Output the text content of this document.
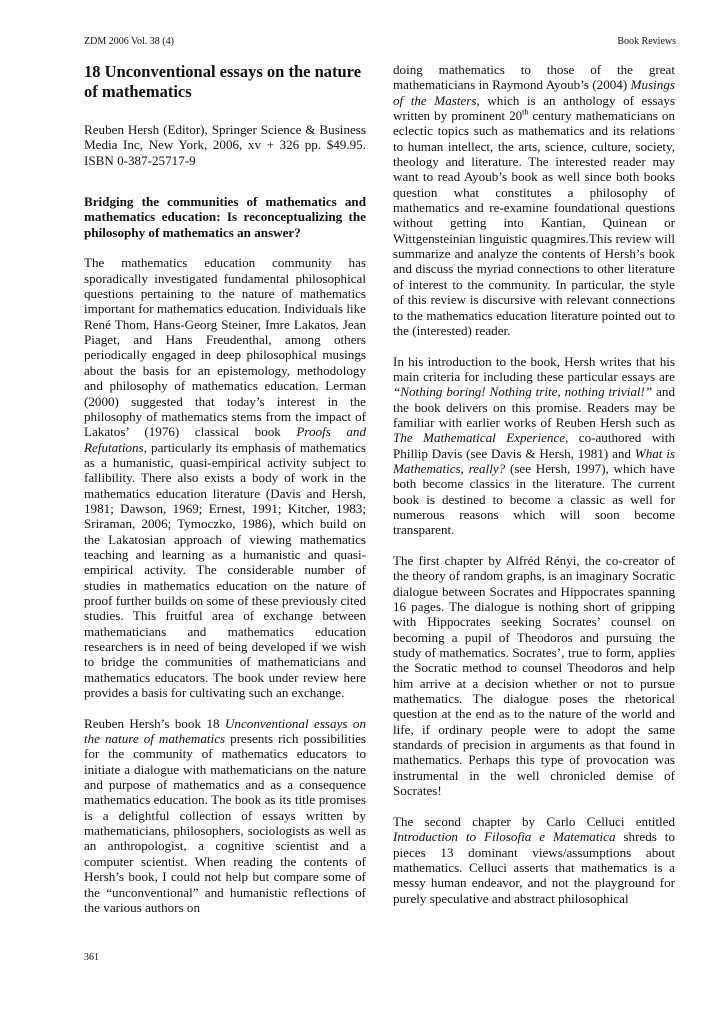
ZDM 2006 Vol. 38 (4)	Book Reviews
18 Unconventional essays on the nature of mathematics

Reuben Hersh (Editor), Springer Science & Business Media Inc, New York, 2006, xv + 326 pp. $49.95. ISBN 0-387-25717-9

Bridging the communities of mathematics and mathematics education: Is reconceptualizing the philosophy of mathematics an answer?

The mathematics education community has sporadically investigated fundamental philosophical questions pertaining to the nature of mathematics important for mathematics education. Individuals like René Thom, Hans-Georg Steiner, Imre Lakatos, Jean Piaget, and Hans Freudenthal, among others periodically engaged in deep philosophical musings about the basis for an epistemology, methodology and philosophy of mathematics education. Lerman (2000) suggested that today’s interest in the philosophy of mathematics stems from the impact of Lakatos’ (1976) classical book Proofs and Refutations, particularly its emphasis of mathematics as a humanistic, quasi-empirical activity subject to fallibility. There also exists a body of work in the mathematics education literature (Davis and Hersh, 1981; Dawson, 1969; Ernest, 1991; Kitcher, 1983; Sriraman, 2006; Tymoczko, 1986), which build on the Lakatosian approach of viewing mathematics teaching and learning as a humanistic and quasi-empirical activity. The considerable number of studies in mathematics education on the nature of proof further builds on some of these previously cited studies. This fruitful area of exchange between mathematicians and mathematics education researchers is in need of being developed if we wish to bridge the communities of mathematicians and mathematics educators. The book under review here provides a basis for cultivating such an exchange.

Reuben Hersh’s book 18 Unconventional essays on the nature of mathematics presents rich possibilities for the community of mathematics educators to initiate a dialogue with mathematicians on the nature and purpose of mathematics and as a consequence mathematics education. The book as its title promises is a delightful collection of essays written by mathematicians, philosophers, sociologists as well as an anthropologist, a cognitive scientist and a computer scientist. When reading the contents of Hersh’s book, I could not help but compare some of the “unconventional” and humanistic reflections of the various authors on

doing mathematics to those of the great mathematicians in Raymond Ayoub’s (2004) Musings of the Masters, which is an anthology of essays written by prominent 20th century mathematicians on eclectic topics such as mathematics and its relations to human intellect, the arts, science, culture, society, theology and literature. The interested reader may want to read Ayoub’s book as well since both books question what constitutes a philosophy of mathematics and re-examine foundational questions without getting into Kantian, Quinean or Wittgensteinian linguistic quagmires.This review will summarize and analyze the contents of Hersh’s book and discuss the myriad connections to other literature of interest to the community. In particular, the style of this review is discursive with relevant connections to the mathematics education literature pointed out to the (interested) reader.

In his introduction to the book, Hersh writes that his main criteria for including these particular essays are “Nothing boring! Nothing trite, nothing trivial!” and the book delivers on this promise. Readers may be familiar with earlier works of Reuben Hersh such as The Mathematical Experience, co-authored with Phillip Davis (see Davis & Hersh, 1981) and What is Mathematics, really? (see Hersh, 1997), which have both become classics in the literature. The current book is destined to become a classic as well for numerous reasons which will soon become transparent.

The first chapter by Alfréd Rényi, the co-creator of the theory of random graphs, is an imaginary Socratic dialogue between Socrates and Hippocrates spanning 16 pages. The dialogue is nothing short of gripping with Hippocrates seeking Socrates’ counsel on becoming a pupil of Theodoros and pursuing the study of mathematics. Socrates’, true to form, applies the Socratic method to counsel Theodoros and help him arrive at a decision whether or not to pursue mathematics. The dialogue poses the rhetorical question at the end as to the nature of the world and life, if ordinary people were to adopt the same standards of precision in arguments as that found in mathematics. Perhaps this type of provocation was instrumental in the well chronicled demise of Socrates!

The second chapter by Carlo Celluci entitled Introduction to Filosofia e Matematica shreds to pieces 13 dominant views/assumptions about mathematics. Celluci asserts that mathematics is a messy human endeavor, and not the playground for purely speculative and abstract philosophical

361
